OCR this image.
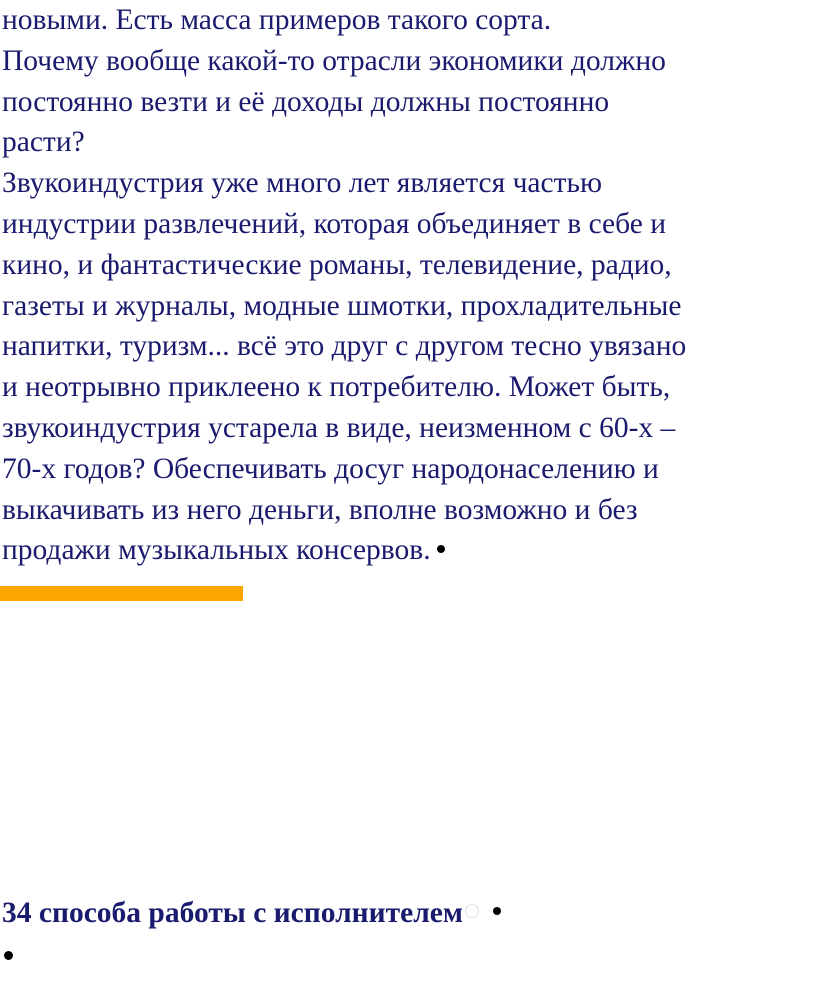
новыми. Есть масса примеров такого сорта.
Почему вообще какой-то отрасли экономики должно
постоянно везти и её доходы должны постоянно
расти?
Звукоиндустрия уже много лет является частью
индустрии развлечений, которая объединяет в себе и
кино, и фантастические романы, телевидение, радио,
газеты и журналы, модные шмотки, прохладительные
напитки, туризм... всё это друг с другом тесно увязано
и неотрывно приклеено к потребителю. Может быть,
звукоиндустрия устарела в виде, неизменном с 60-х –
70-х годов? Обеспечивать досуг народонаселению и
выкачивать из него деньги, вполне возможно и без
продажи музыкальных консервов.
34 способа работы с исполнителем
